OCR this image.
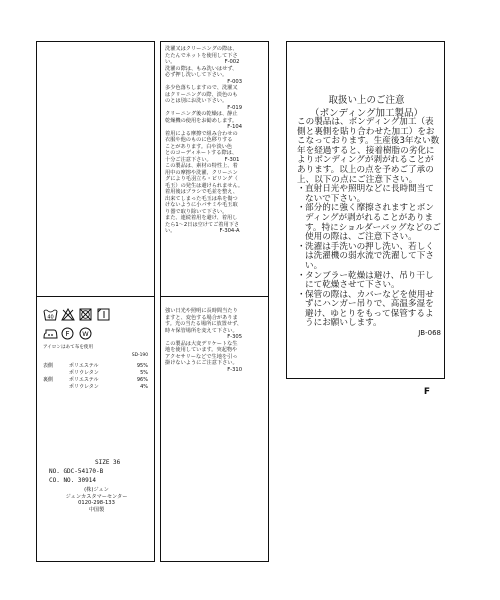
40
F W
アイロンはあて布を使用
SD-190
表側	ポリエステル	95%
	ポリウレタン	5%
裏側	ポリエステル	96%
	ポリウレタン	4%
SIZE 36
NO. GDC-54170-B
CO. NO. 30914
(株)ジュン
ジュンカスタマーセンター
0120-298-133
中国製
洗濯又はクリーニングの際は、
たたんでネットを使用して下さ
い。　　　　　　　　　　F-002
洗濯の際は、もみ洗いはせず、
必ず押し洗いして下さい。
　　　　　　　　　　　　F-003
多少色落ちしますので、洗濯又
はクリーニングの際、淡色のも
のとは別にお洗い下さい。
　　　　　　　　　　　　F-019
クリーニング後の乾燥は、静止
乾燥機の使用をお勧めします。
　　　　　　　　　　　　F-104
着用による摩擦で組み合わせの
衣服や他のものに色移りする
ことがあります。白や淡い色
とのコーディネートする際は、
十分ご注意下さい。　　　F-301
この製品は、素材の特性上、着
用中の摩擦や洗濯、クリーニン
グにより毛羽立ち・ピリング（
毛玉）の発生は避けられません。
着用後はブラシで毛並を整え、
出来てしまった毛玉は糸を傷つ
けないように小バサミや毛玉取
り器で取り除いて下さい。
また、連続着用を避け、着用し
たら1～2日は空けてご着用下さ
い。　　　　　　　　　F-304-A
強い日光や照明に長時間当たり
ますと、変色する場合がありま
す。光の当たる場所に放置せず、
時々保管場所を変えて下さい。
　　　　　　　　　　　　F-305
この製品は大変デリケートな生
地を使用しています。突起物や
アクセサリーなどで生地を引っ
掛けないようにご注意下さい。
　　　　　　　　　　　　F-310
取扱い上のご注意
（ボンディング加工製品）

この製品は、ボンディング加工（表側と裏側を貼り合わせた加工）をおこなっております。生産後3年ない数年を経過すると、接着樹脂の劣化によりボンディングが剥がれることがあります。以上の点を予めご了承の上、以下の点にご注意下さい。

・ 直射日光や照明などに長時間当てないで下さい。
・ 部分的に強く摩擦されますとボンディングが剥がれることがあります。特にショルダーバッグなどのご使用の際は、ご注意下さい。
・ 洗濯は手洗いの押し洗い、若しくは洗濯機の弱水流で洗濯して下さい。
・ タンブラー乾燥は避け、吊り干しにて乾燥させて下さい。
・ 保管の際は、カバーなどを使用せずにハンガー吊りで、高温多湿を避け、ゆとりをもって保管するようにお願いします。
JB-068
F
